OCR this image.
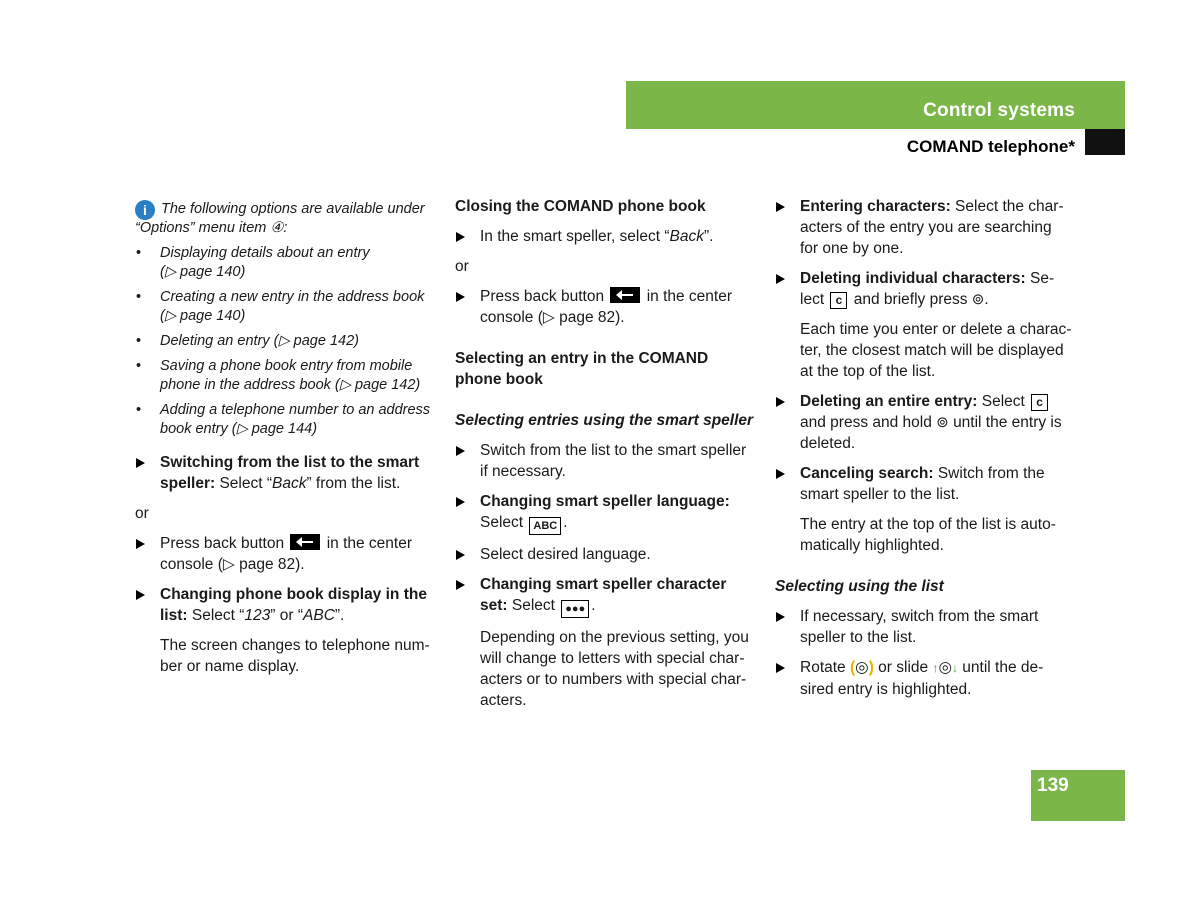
Control systems
COMAND telephone*
i The following options are available under
“Options” menu item ④:
• Displaying details about an entry
(▷ page 140)
• Creating a new entry in the address book
(▷ page 140)
• Deleting an entry (▷ page 142)
• Saving a phone book entry from mobile
phone in the address book (▷ page 142)
• Adding a telephone number to an address
book entry (▷ page 144)

Switching from the list to the smart

speller: Select “Back” from the list.

or

Press back button	in the center

console (▷ page 82).

Changing phone book display in the

list: Select “123” or “ABC”.

The screen changes to telephone num-

ber or name display.

Closing the COMAND phone book

In the smart speller, select “Back”.

or

Press back button	in the center

console (▷ page 82).

Selecting an entry in the COMAND

phone book

Selecting entries using the smart speller

Switch from the list to the smart speller

if necessary.

Changing smart speller language:

Select ABC .

Select desired language.

Changing smart speller character

set: Select ●●● .

Depending on the previous setting, you

will change to letters with special char-

acters or to numbers with special char-

acters.

Entering characters: Select the char-

acters of the entry you are searching

for one by one.

Deleting individual characters: Se-

lect c and briefly press ⊚.

Each time you enter or delete a charac-

ter, the closest match will be displayed

at the top of the list.

Deleting an entire entry: Select c

and press and hold ⊚ until the entry is

deleted.

Canceling search: Switch from the

smart speller to the list.

The entry at the top of the list is auto-

matically highlighted.

Selecting using the list

If necessary, switch from the smart

speller to the list.

Rotate (◎) or slide ↑◎↓ until the de-

sired entry is highlighted.

139
